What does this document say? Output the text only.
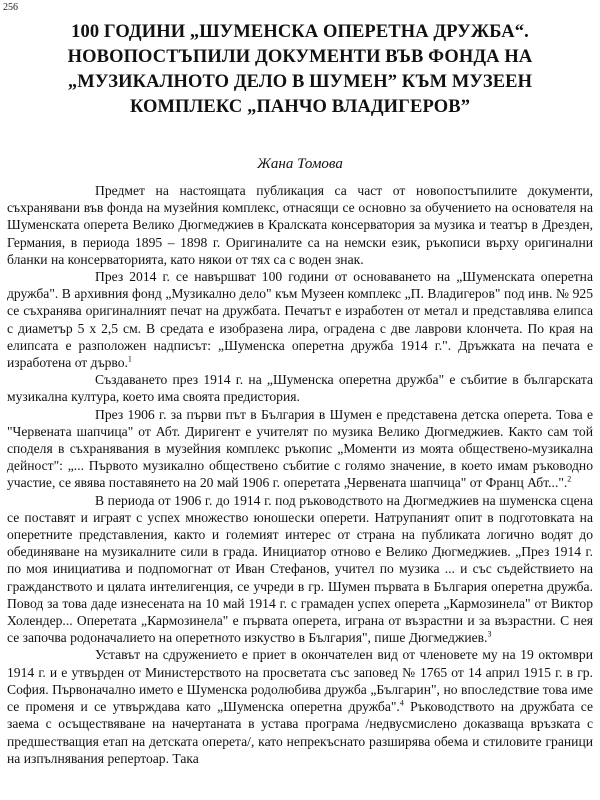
256
100 ГОДИНИ „ШУМЕНСКА ОПЕРЕТНА ДРУЖБА“.
НОВОПОСТЪПИЛИ ДОКУМЕНТИ ВЪВ ФОНДА НА
„МУЗИКАЛНОТО ДЕЛО В ШУМЕН” КЪМ МУЗЕЕН
КОМПЛЕКС „ПАНЧО ВЛАДИГЕРОВ”
Жана Томова

Предмет на настоящата публикация са част от новопостъпилите документи, съхранявани във фонда на музейния комплекс, отнасящи се основно за обучението на основателя на Шуменската оперета Велико Дюгмеджиев в Кралската консерватория за музика и театър в Дрезден, Германия, в периода 1895 – 1898 г. Оригиналите са на немски език, ръкописи върху оригинални бланки на консерваторията, като някои от тях са с воден знак.

През 2014 г. се навършват 100 години от основаването на „Шуменската оперетна дружба". В архивния фонд „Музикално дело" към Музеен комплекс „П. Владигеров" под инв. № 925 се съхранява оригиналният печат на дружбата. Печатът е изработен от метал и представлява елипса с диаметър 5 х 2,5 см. В средата е изобразена лира, оградена с две лаврови клончета. По края на елипсата е разположен надписът: „Шуменска оперетна дружба 1914 г.". Дръжката на печата е изработена от дърво.$^1$

Създаването през 1914 г. на „Шуменска оперетна дружба" е събитие в българската музикална култура, което има своята предистория.

През 1906 г. за първи път в България в Шумен е представена детска оперета. Това е "Червената шапчица" от Абт. Диригент е учителят по музика Велико Дюгмеджиев. Както сам той споделя в съхранявания в музейния комплекс ръкопис „Моменти из моята обществено-музикална дейност": „... Първото музикално обществено събитие с голямо значение, в което имам ръководно участие, се явява поставянето на 20 май 1906 г. оперетата „Червената шапчица" от Франц Абт...".$^2$

В периода от 1906 г. до 1914 г. под ръководството на Дюгмеджиев на шуменска сцена се поставят и играят с успех множество юношески оперети. Натрупаният опит в подготовката на оперетните представления, както и големият интерес от страна на публиката логично водят до обединяване на музикалните сили в града. Инициатор отново е Велико Дюгмеджиев. „През 1914 г. по моя инициатива и подпомогнат от Иван Стефанов, учител по музика ... и със съдействието на гражданството и цялата интелигенция, се учреди в гр. Шумен първата в България оперетна дружба. Повод за това даде изнесената на 10 май 1914 г. с грамаден успех оперета „Кармозинела" от Виктор Холендер... Оперетата „Кармозинела" е първата оперета, играна от възрастни и за възрастни. С нея се започва родоначалието на оперетното изкуство в България", пише Дюгмеджиев.$^3$

Уставът на сдружението е приет в окончателен вид от членовете му на 19 октомври 1914 г. и е утвърден от Министерството на просветата със заповед № 1765 от 14 април 1915 г. в гр. София. Първоначално името е Шуменска родолюбива дружба „Българин", но впоследствие това име се променя и се утвърждава като „Шуменска оперетна дружба".$^4$ Ръководството на дружбата се заема с осъществяване на начертаната в устава програма /недвусмислено доказваща връзката с предшестващия етап на детската оперета/, като непрекъснато разширява обема и стиловите граници на изпълнявания репертоар. Така
